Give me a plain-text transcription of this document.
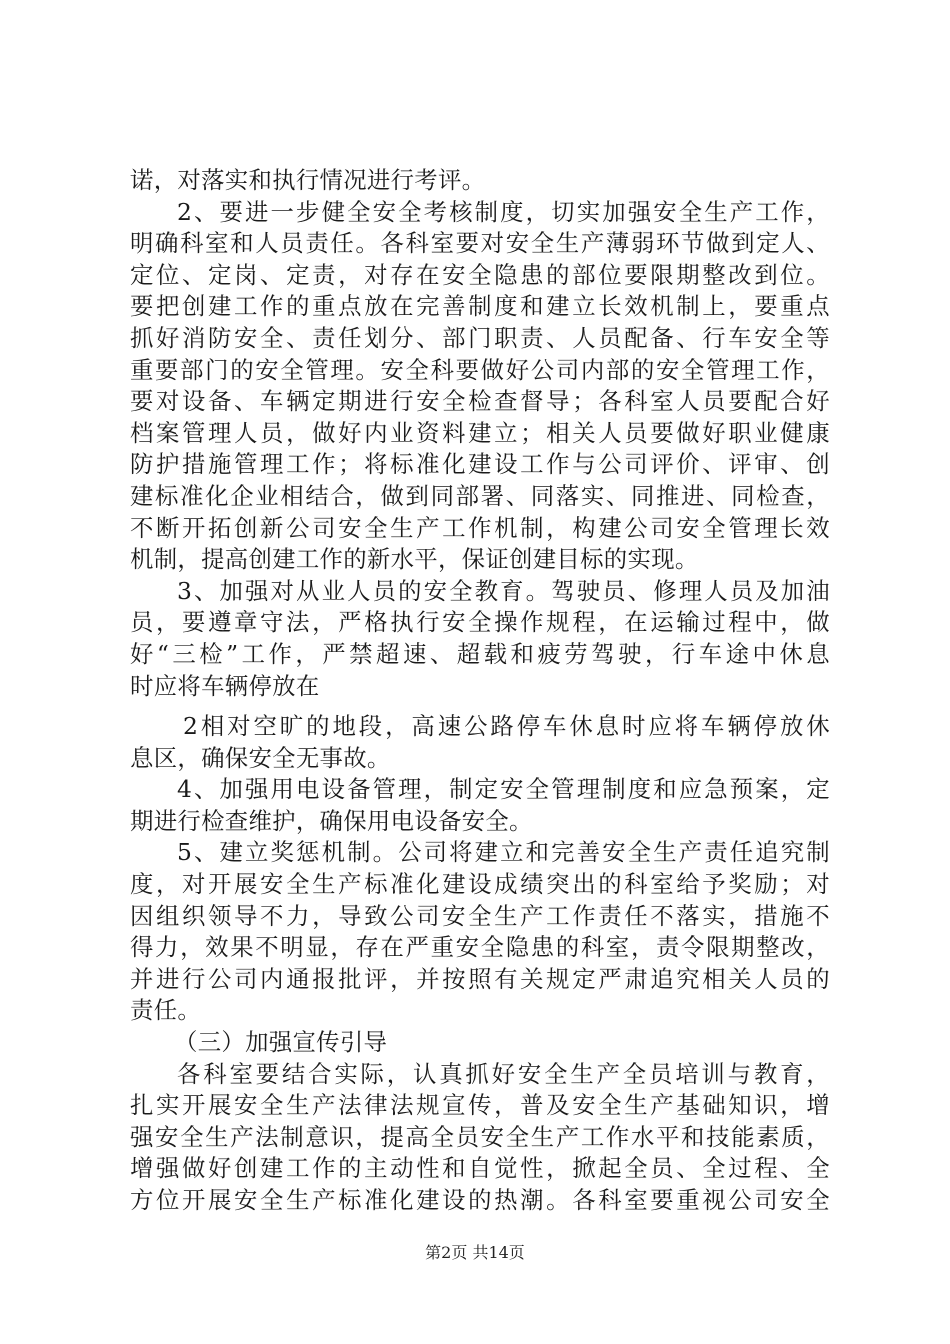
诺，对落实和执行情况进行考评。
2、要进一步健全安全考核制度，切实加强安全生产工作，
明确科室和人员责任。各科室要对安全生产薄弱环节做到定人、
定位、定岗、定责，对存在安全隐患的部位要限期整改到位。
要把创建工作的重点放在完善制度和建立长效机制上，要重点
抓好消防安全、责任划分、部门职责、人员配备、行车安全等
重要部门的安全管理。安全科要做好公司内部的安全管理工作，
要对设备、车辆定期进行安全检查督导；各科室人员要配合好
档案管理人员，做好内业资料建立；相关人员要做好职业健康
防护措施管理工作；将标准化建设工作与公司评价、评审、创
建标准化企业相结合，做到同部署、同落实、同推进、同检查，
不断开拓创新公司安全生产工作机制，构建公司安全管理长效
机制，提高创建工作的新水平，保证创建目标的实现。
3、加强对从业人员的安全教育。驾驶员、修理人员及加油
员，要遵章守法，严格执行安全操作规程，在运输过程中，做
好“三检”工作，严禁超速、超载和疲劳驾驶，行车途中休息
时应将车辆停放在
2相对空旷的地段，高速公路停车休息时应将车辆停放休
息区，确保安全无事故。
4、加强用电设备管理，制定安全管理制度和应急预案，定
期进行检查维护，确保用电设备安全。
5、建立奖惩机制。公司将建立和完善安全生产责任追究制
度，对开展安全生产标准化建设成绩突出的科室给予奖励；对
因组织领导不力，导致公司安全生产工作责任不落实，措施不
得力，效果不明显，存在严重安全隐患的科室，责令限期整改，
并进行公司内通报批评，并按照有关规定严肃追究相关人员的
责任。
（三）加强宣传引导
各科室要结合实际，认真抓好安全生产全员培训与教育，
扎实开展安全生产法律法规宣传，普及安全生产基础知识，增
强安全生产法制意识，提高全员安全生产工作水平和技能素质，
增强做好创建工作的主动性和自觉性，掀起全员、全过程、全
方位开展安全生产标准化建设的热潮。各科室要重视公司安全
第2页 共14页
